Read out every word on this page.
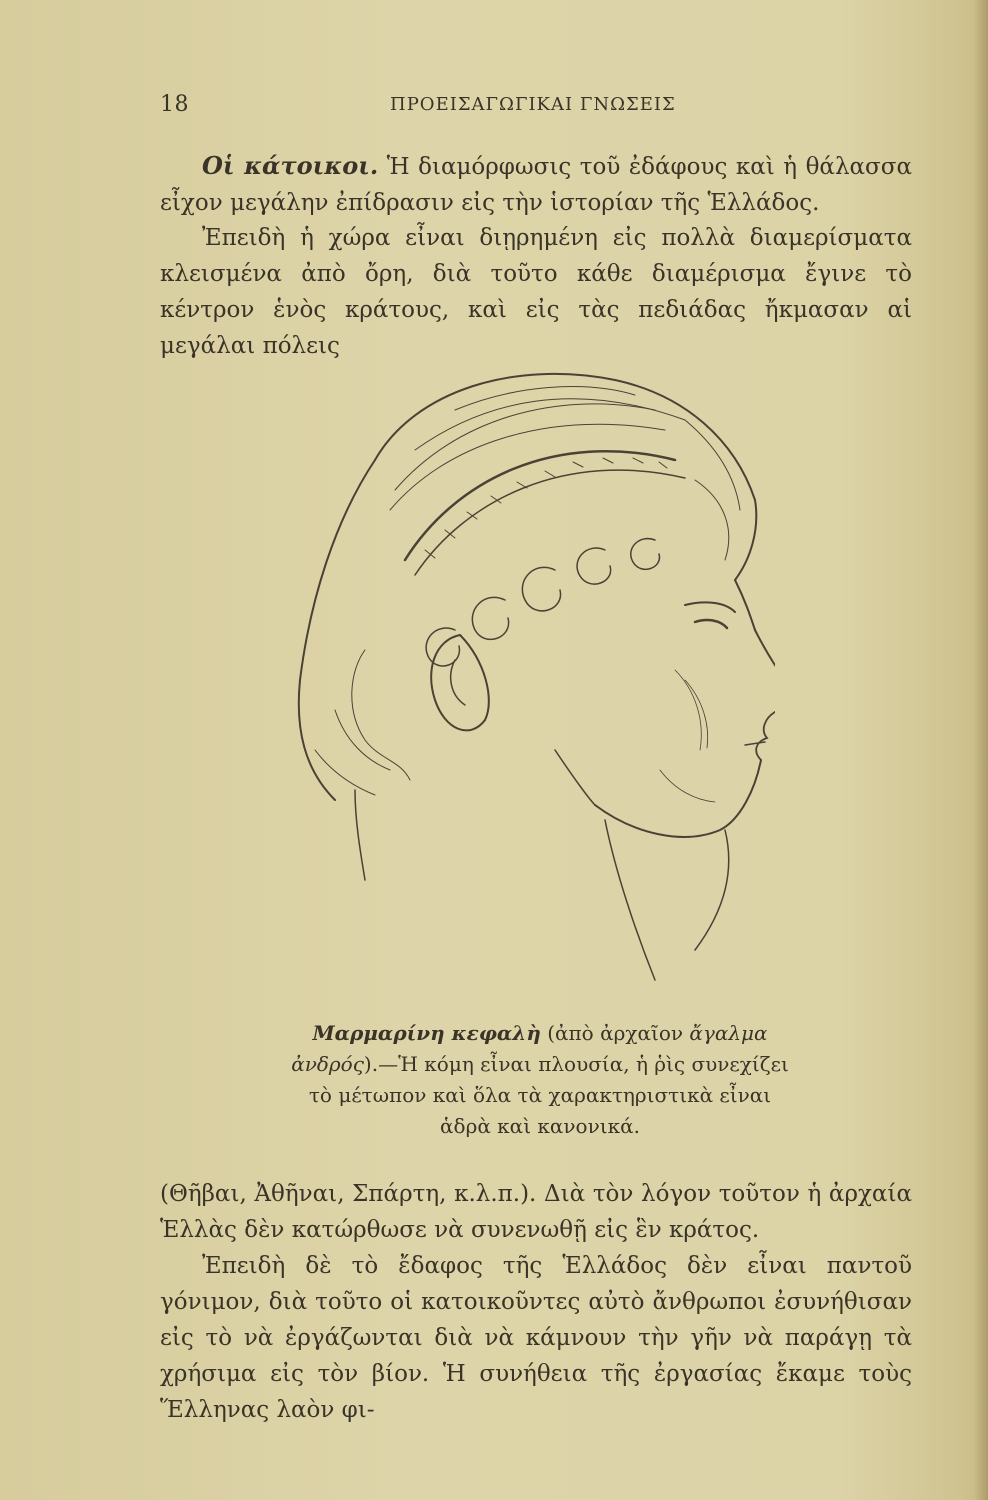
18	ΠΡΟΕΙΣΑΓΩΓΙΚΑΙ ΓΝΩΣΕΙΣ

Οἱ κάτοικοι. Ἡ διαμόρφωσις τοῦ ἐδάφους καὶ ἡ θάλασσα εἶχον μεγάλην ἐπίδρασιν εἰς τὴν ἱστορίαν τῆς Ἑλλάδος.

Ἐπειδὴ ἡ χώρα εἶναι διῃρημένη εἰς πολλὰ διαμερίσματα κλεισμένα ἀπὸ ὄρη, διὰ τοῦτο κάθε διαμέρισμα ἔγινε τὸ κέντρον ἑνὸς κράτους, καὶ εἰς τὰς πεδιάδας ἤκμασαν αἱ μεγάλαι πόλεις

Μαρμαρίνη κεφαλὴ (ἀπὸ ἀρχαῖον ἄγαλμα ἀνδρός).—Ἡ κόμη εἶναι πλουσία, ἡ ῥὶς συνεχίζει τὸ μέτωπον καὶ ὅλα τὰ χαρακτηριστικὰ εἶναι ἁδρὰ καὶ κανονικά.

(Θῆβαι, Ἀθῆναι, Σπάρτη, κ.λ.π.). Διὰ τὸν λόγον τοῦτον ἡ ἀρχαία Ἑλλὰς δὲν κατώρθωσε νὰ συνενωθῇ εἰς ἓν κράτος.

Ἐπειδὴ δὲ τὸ ἔδαφος τῆς Ἑλλάδος δὲν εἶναι παντοῦ γόνιμον, διὰ τοῦτο οἱ κατοικοῦντες αὐτὸ ἄνθρωποι ἐσυνήθισαν εἰς τὸ νὰ ἐργάζωνται διὰ νὰ κάμνουν τὴν γῆν νὰ παράγῃ τὰ χρήσιμα εἰς τὸν βίον. Ἡ συνήθεια τῆς ἐργασίας ἔκαμε τοὺς Ἕλληνας λαὸν φι-
